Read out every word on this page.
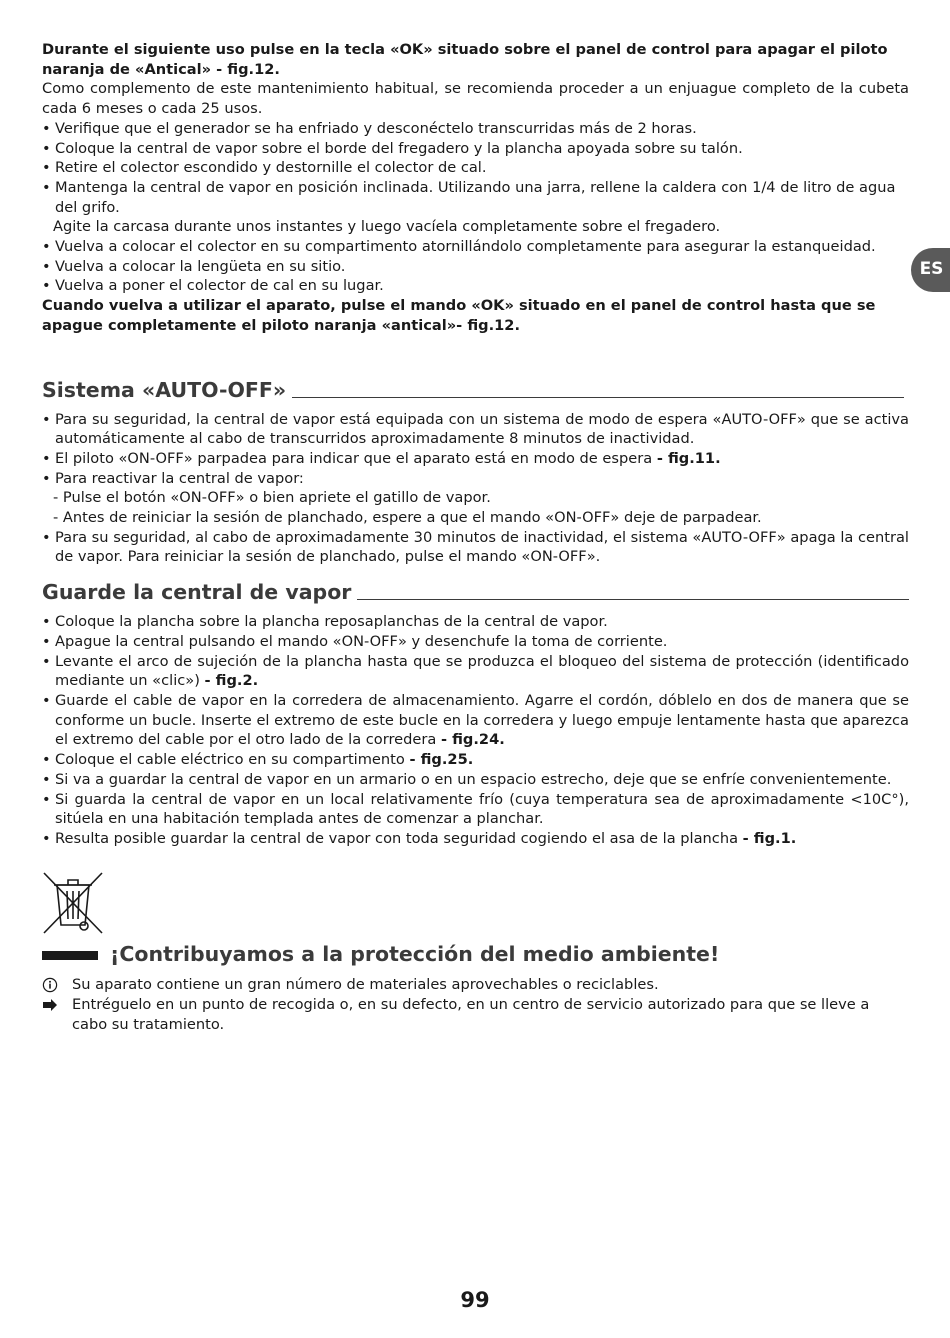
ES

Durante el siguiente uso pulse en la tecla «OK» situado sobre el panel de control para apagar el piloto naranja de «Antical» - fig.12.

Como complemento de este mantenimiento habitual, se recomienda proceder a un enjuague completo de la cubeta cada 6 meses o cada 25 usos.

• Verifique que el generador se ha enfriado y desconéctelo transcurridas más de 2 horas.
• Coloque la central de vapor sobre el borde del fregadero y la plancha apoyada sobre su talón.
• Retire el colector escondido y destornille el colector de cal.
• Mantenga la central de vapor en posición inclinada. Utilizando una jarra, rellene la caldera con 1/4 de litro de agua del grifo.

Agite la carcasa durante unos instantes y luego vacíela completamente sobre el fregadero.

• Vuelva a colocar el colector en su compartimento atornillándolo completamente para asegurar la estanqueidad.
• Vuelva a colocar la lengüeta en su sitio.
• Vuelva a poner el colector de cal en su lugar.

Cuando vuelva a utilizar el aparato, pulse el mando «OK» situado en el panel de control hasta que se apague completamente el piloto naranja «antical»- fig.12.

Sistema «AUTO-OFF»
• Para su seguridad, la central de vapor está equipada con un sistema de modo de espera «AUTO-OFF» que se activa automáticamente al cabo de transcurridos aproximadamente 8 minutos de inactividad.
• El piloto «ON-OFF» parpadea para indicar que el aparato está en modo de espera - fig.11.
• Para reactivar la central de vapor:

- Pulse el botón «ON-OFF» o bien apriete el gatillo de vapor.

- Antes de reiniciar la sesión de planchado, espere a que el mando «ON-OFF» deje de parpadear.

• Para su seguridad, al cabo de aproximadamente 30 minutos de inactividad, el sistema «AUTO-OFF» apaga la central de vapor. Para reiniciar la sesión de planchado, pulse el mando «ON-OFF».
Guarde la central de vapor
• Coloque la plancha sobre la plancha reposaplanchas de la central de vapor.
• Apague la central pulsando el mando «ON-OFF» y desenchufe la toma de corriente.
• Levante el arco de sujeción de la plancha hasta que se produzca el bloqueo del sistema de protección (identificado mediante un «clic») - fig.2.
• Guarde el cable de vapor en la corredera de almacenamiento. Agarre el cordón, dóblelo en dos de manera que se conforme un bucle. Inserte el extremo de este bucle en la corredera y luego empuje lentamente hasta que aparezca el extremo del cable por el otro lado de la corredera - fig.24.
• Coloque el cable eléctrico en su compartimento - fig.25.
• Si va a guardar la central de vapor en un armario o en un espacio estrecho, deje que se enfríe convenientemente.
• Si guarda la central de vapor en un local relativamente frío (cuya temperatura sea de aproximadamente <10C°), sitúela en una habitación templada antes de comenzar a planchar.
• Resulta posible guardar la central de vapor con toda seguridad cogiendo el asa de la plancha - fig.1.
¡Contribuyamos a la protección del medio ambiente!

Su aparato contiene un gran número de materiales aprovechables o reciclables.

Entréguelo en un punto de recogida o, en su defecto, en un centro de servicio autorizado para que se lleve a cabo su tratamiento.

99
